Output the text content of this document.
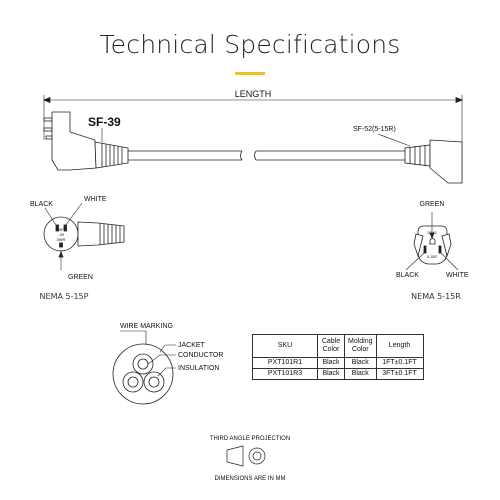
Technical Specifications
LENGTH
SF-39
SF-52(5-15R)
BLACK
WHITE
GREEN
SF
-39
3WR
NEMA 5-15P
GREEN
BLACK	WHITE
SF-52
5-15R
NEMA 5-15R
WIRE MARKING
JACKET
CONDUCTOR
INSULATION
THIRD ANGLE PROJECTION
DIMENSIONS ARE IN MM
SKU	Cable Color	Molding Color	Length
PXT101R1	Black	Black	1FT±0.1FT
PXT101R3	Black	Black	3FT±0.1FT
